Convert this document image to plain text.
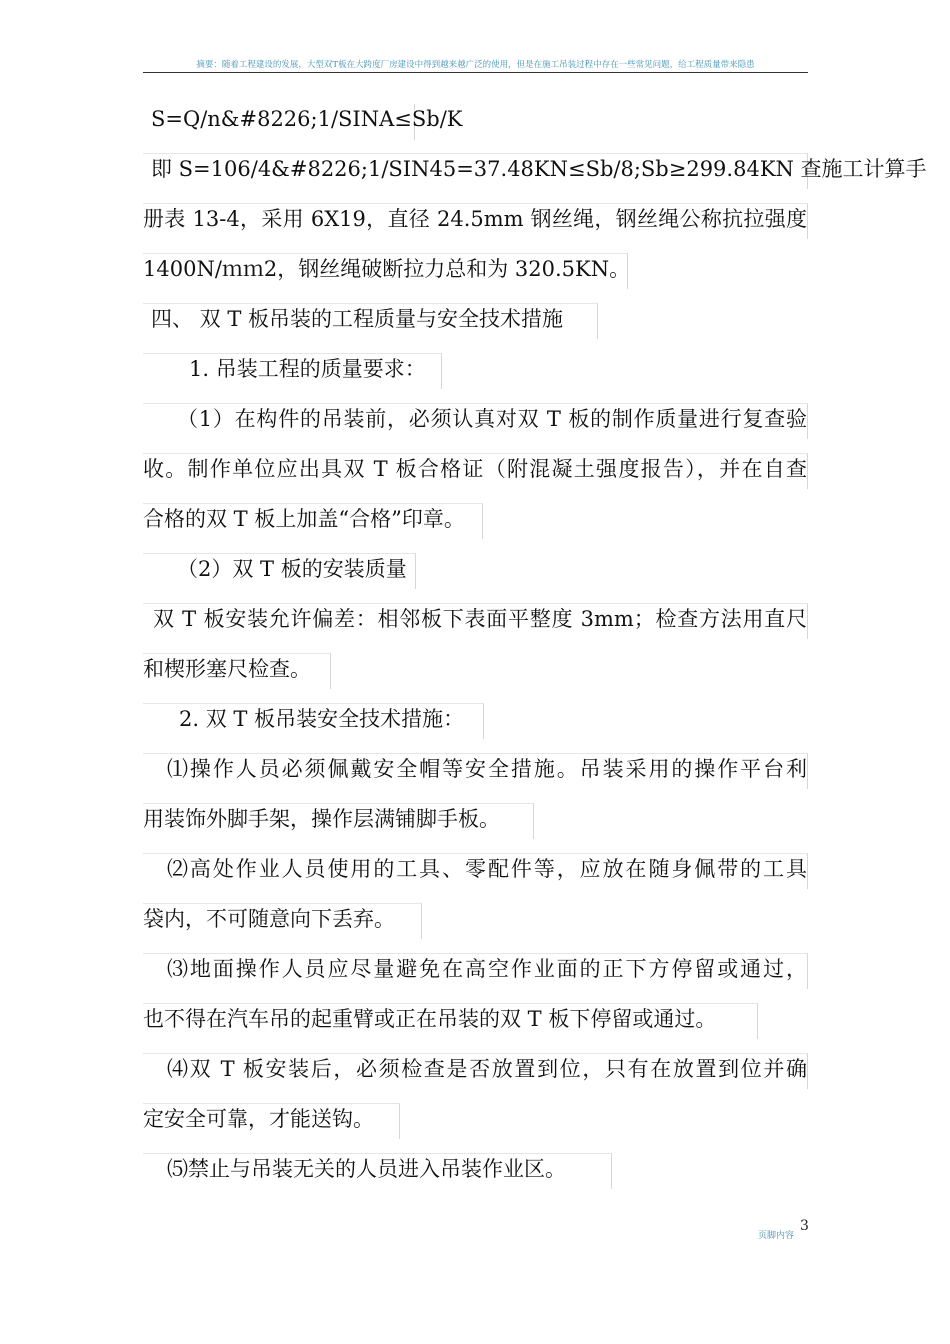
摘要：随着工程建设的发展，大型双T板在大跨度厂房建设中得到越来越广泛的使用，但是在施工吊装过程中存在一些常见问题，给工程质量带来隐患
S=Q/n&#8226;1/SINA≤Sb/K
即 S=106/4&#8226;1/SIN45=37.48KN≤Sb/8;Sb≥299.84KN 查施工计算手
册表 13-4，采用 6X19，直径 24.5mm 钢丝绳，钢丝绳公称抗拉强度
1400N/ｍｍ2，钢丝绳破断拉力总和为 320.5KN。
四、 双 T 板吊装的工程质量与安全技术措施
1. 吊装工程的质量要求：
（1）在构件的吊装前，必须认真对双 T 板的制作质量进行复查验
收。制作单位应出具双 T 板合格证（附混凝土强度报告），并在自查
合格的双 T 板上加盖“合格”印章。
（2）双 T 板的安装质量
双 T 板安装允许偏差：相邻板下表面平整度 3mm；检查方法用直尺
和楔形塞尺检查。
2. 双 T 板吊装安全技术措施：
⑴操作人员必须佩戴安全帽等安全措施。吊装采用的操作平台利
用装饰外脚手架，操作层满铺脚手板。
⑵高处作业人员使用的工具、零配件等，应放在随身佩带的工具
袋内，不可随意向下丢弃。
⑶地面操作人员应尽量避免在高空作业面的正下方停留或通过，
也不得在汽车吊的起重臂或正在吊装的双 T 板下停留或通过。
⑷双 T 板安装后，必须检查是否放置到位，只有在放置到位并确
定安全可靠，才能送钩。
⑸禁止与吊装无关的人员进入吊装作业区。
页脚内容
3
